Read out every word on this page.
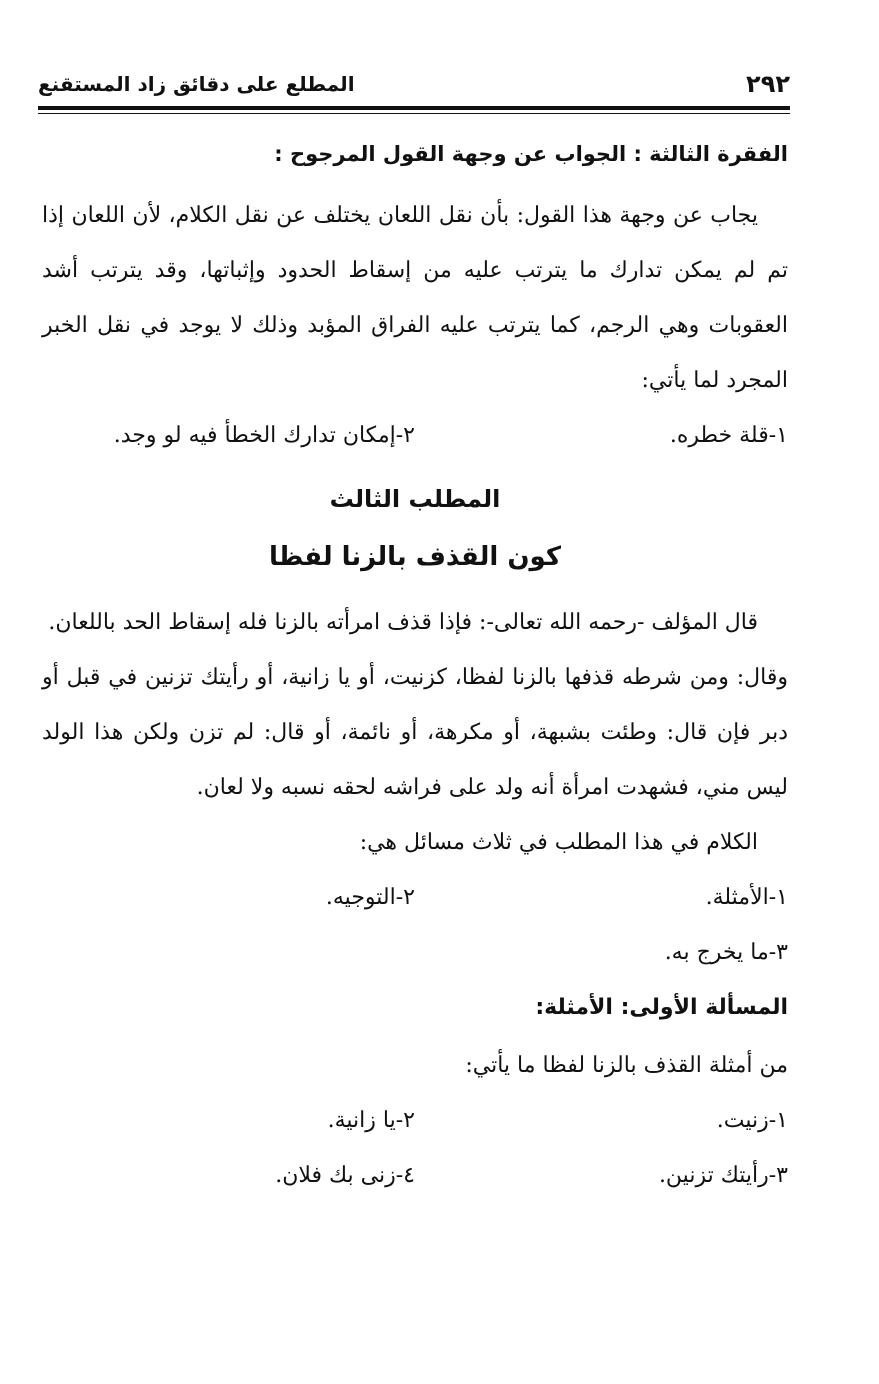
٢٩٢
المطلع على دقائق زاد المستقنع

الفقرة الثالثة : الجواب عن وجهة القول المرجوح :

يجاب عن وجهة هذا القول: بأن نقل اللعان يختلف عن نقل الكلام، لأن اللعان إذا تم لم يمكن تدارك ما يترتب عليه من إسقاط الحدود وإثباتها، وقد يترتب أشد العقوبات وهي الرجم، كما يترتب عليه الفراق المؤبد وذلك لا يوجد في نقل الخبر المجرد لما يأتي:

١-قلة خطره.
٢-إمكان تدارك الخطأ فيه لو وجد.
المطلب الثالث
كون القذف بالزنا لفظا

قال المؤلف -رحمه الله تعالى-: فإذا قذف امرأته بالزنا فله إسقاط الحد باللعان.

وقال: ومن شرطه قذفها بالزنا لفظا، كزنيت، أو يا زانية، أو رأيتك تزنين في قبل أو دبر فإن قال: وطئت بشبهة، أو مكرهة، أو نائمة، أو قال: لم تزن ولكن هذا الولد ليس مني، فشهدت امرأة أنه ولد على فراشه لحقه نسبه ولا لعان.

الكلام في هذا المطلب في ثلاث مسائل هي:

١-الأمثلة.
٢-التوجيه.
٣-ما يخرج به.

المسألة الأولى: الأمثلة:

من أمثلة القذف بالزنا لفظا ما يأتي:

١-زنيت.
٢-يا زانية.
٣-رأيتك تزنين.
٤-زنى بك فلان.
